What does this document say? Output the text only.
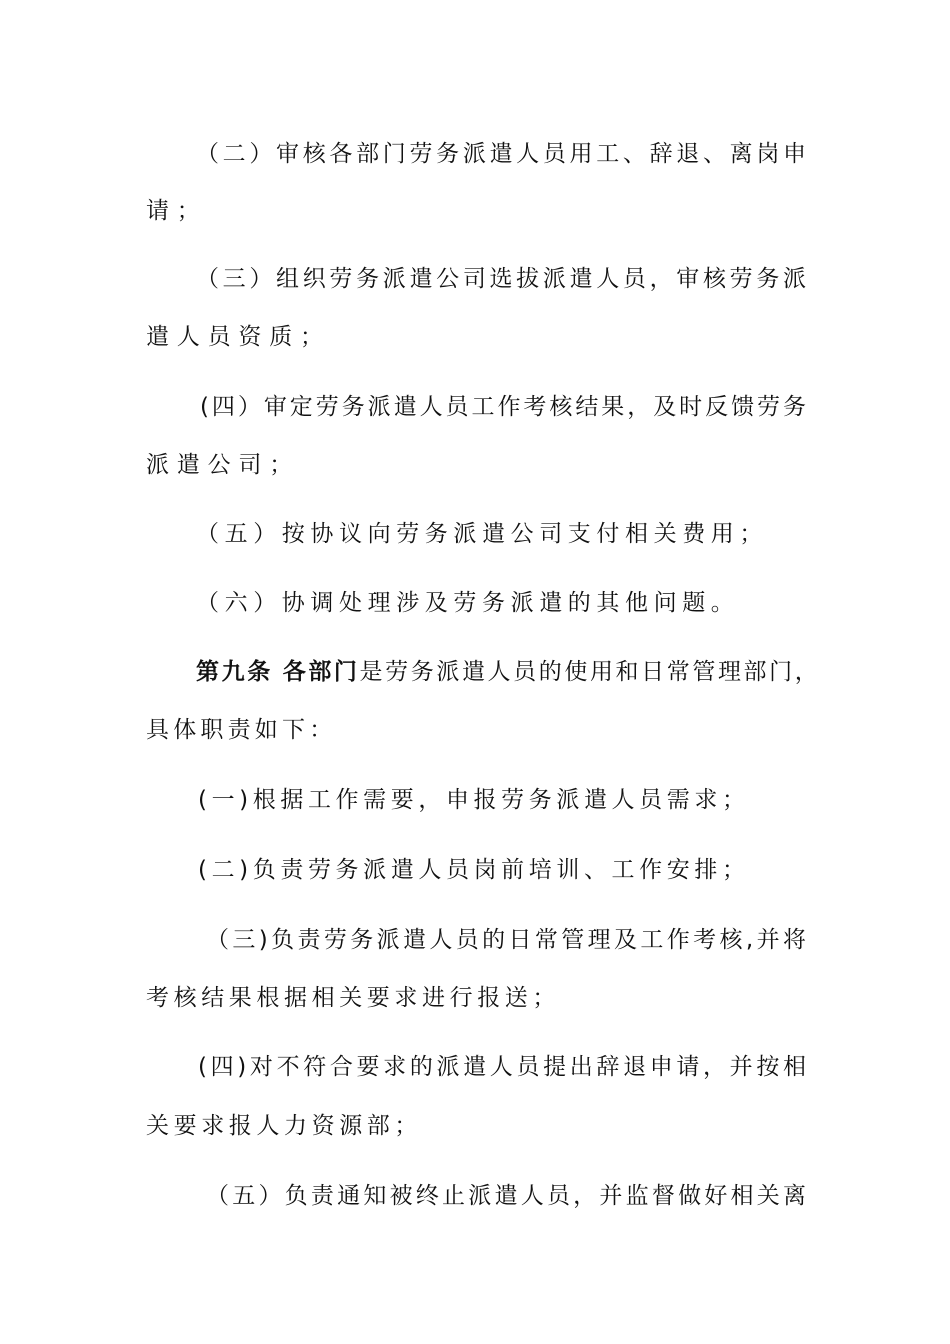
（二）审核各部门劳务派遣人员用工、辞退、离岗申
请；
（三）组织劳务派遣公司选拔派遣人员，审核劳务派
遣人员资质；
(四）审定劳务派遣人员工作考核结果，及时反馈劳务
派遣公司；
（五）按协议向劳务派遣公司支付相关费用；
（六）协调处理涉及劳务派遣的其他问题。
第九条 各部门是劳务派遣人员的使用和日常管理部门，
具体职责如下：
(一)根据工作需要，申报劳务派遣人员需求；
(二)负责劳务派遣人员岗前培训、工作安排；
（三)负责劳务派遣人员的日常管理及工作考核,并将
考核结果根据相关要求进行报送；
(四)对不符合要求的派遣人员提出辞退申请，并按相
关要求报人力资源部；
（五）负责通知被终止派遣人员，并监督做好相关离
